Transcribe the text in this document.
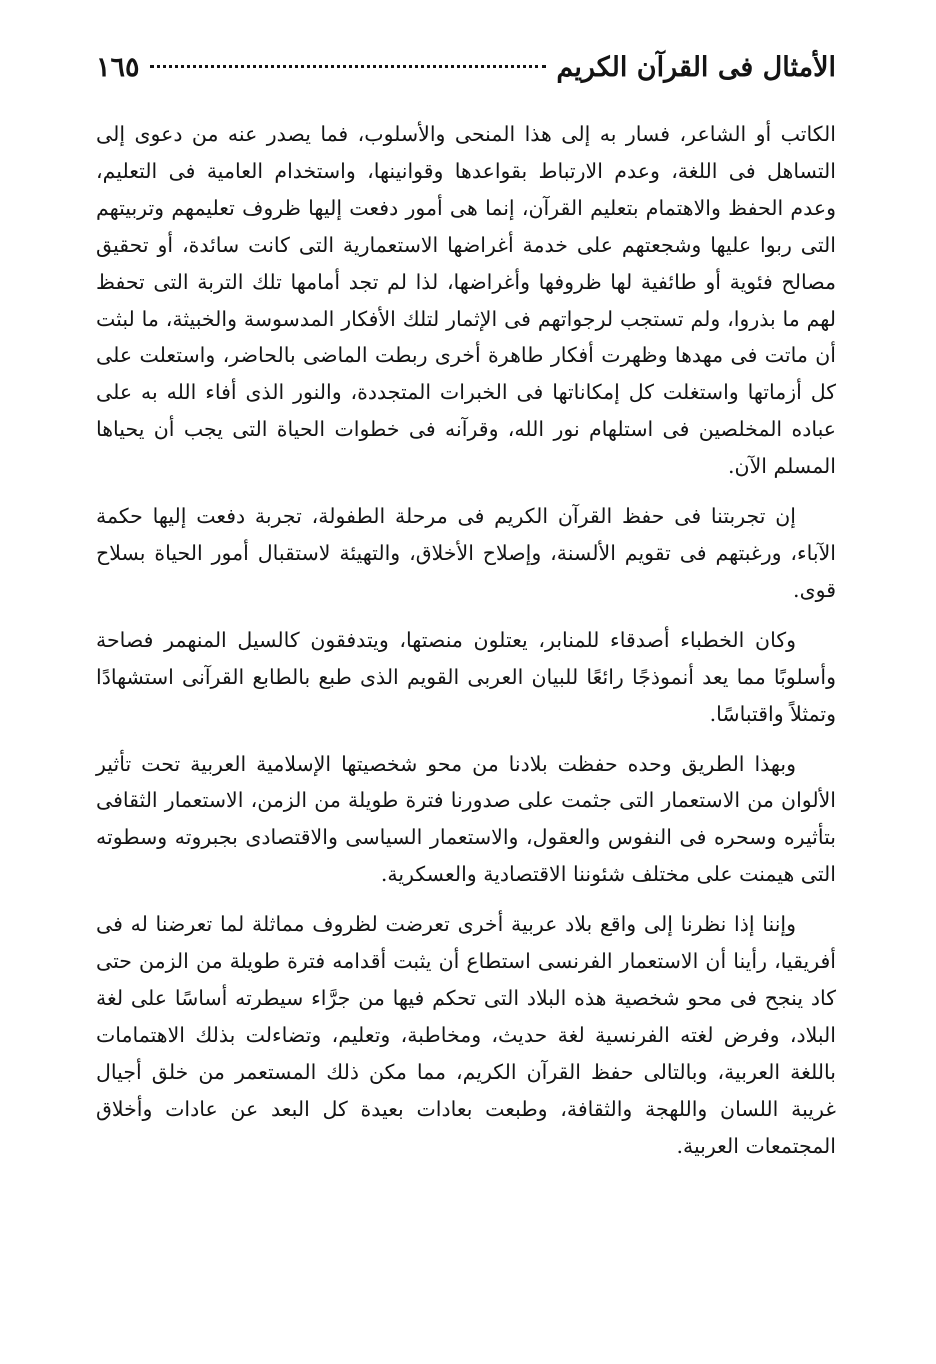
الأمثال فى القرآن الكريم
١٦٥

الكاتب أو الشاعر، فسار به إلى هذا المنحى والأسلوب، فما يصدر عنه من دعوى إلى التساهل فى اللغة، وعدم الارتباط بقواعدها وقوانينها، واستخدام العامية فى التعليم، وعدم الحفظ والاهتمام بتعليم القرآن، إنما هى أمور دفعت إليها ظروف تعليمهم وتربيتهم التى ربوا عليها وشجعتهم على خدمة أغراضها الاستعمارية التى كانت سائدة، أو تحقيق مصالح فئوية أو طائفية لها ظروفها وأغراضها، لذا لم تجد أمامها تلك التربة التى تحفظ لهم ما بذروا، ولم تستجب لرجواتهم فى الإثمار لتلك الأفكار المدسوسة والخبيثة، ما لبثت أن ماتت فى مهدها وظهرت أفكار طاهرة أخرى ربطت الماضى بالحاضر، واستعلت على كل أزماتها واستغلت كل إمكاناتها فى الخبرات المتجددة، والنور الذى أفاء الله به على عباده المخلصين فى استلهام نور الله، وقرآنه فى خطوات الحياة التى يجب أن يحياها المسلم الآن.

إن تجربتنا فى حفظ القرآن الكريم فى مرحلة الطفولة، تجربة دفعت إليها حكمة الآباء، ورغبتهم فى تقويم الألسنة، وإصلاح الأخلاق، والتهيئة لاستقبال أمور الحياة بسلاح قوى.

وكان الخطباء أصدقاء للمنابر، يعتلون منصتها، ويتدفقون كالسيل المنهمر فصاحة وأسلوبًا مما يعد أنموذجًا رائعًا للبيان العربى القويم الذى طبع بالطابع القرآنى استشهادًا وتمثلاً واقتباسًا.

وبهذا الطريق وحده حفظت بلادنا من محو شخصيتها الإسلامية العربية تحت تأثير الألوان من الاستعمار التى جثمت على صدورنا فترة طويلة من الزمن، الاستعمار الثقافى بتأثيره وسحره فى النفوس والعقول، والاستعمار السياسى والاقتصادى بجبروته وسطوته التى هيمنت على مختلف شئوننا الاقتصادية والعسكرية.

وإننا إذا نظرنا إلى واقع بلاد عربية أخرى تعرضت لظروف مماثلة لما تعرضنا له فى أفريقيا، رأينا أن الاستعمار الفرنسى استطاع أن يثبت أقدامه فترة طويلة من الزمن حتى كاد ينجح فى محو شخصية هذه البلاد التى تحكم فيها من جرَّاء سيطرته أساسًا على لغة البلاد، وفرض لغته الفرنسية لغة حديث، ومخاطبة، وتعليم، وتضاءلت بذلك الاهتمامات باللغة العربية، وبالتالى حفظ القرآن الكريم، مما مكن ذلك المستعمر من خلق أجيال غريبة اللسان واللهجة والثقافة، وطبعت بعادات بعيدة كل البعد عن عادات وأخلاق المجتمعات العربية.
